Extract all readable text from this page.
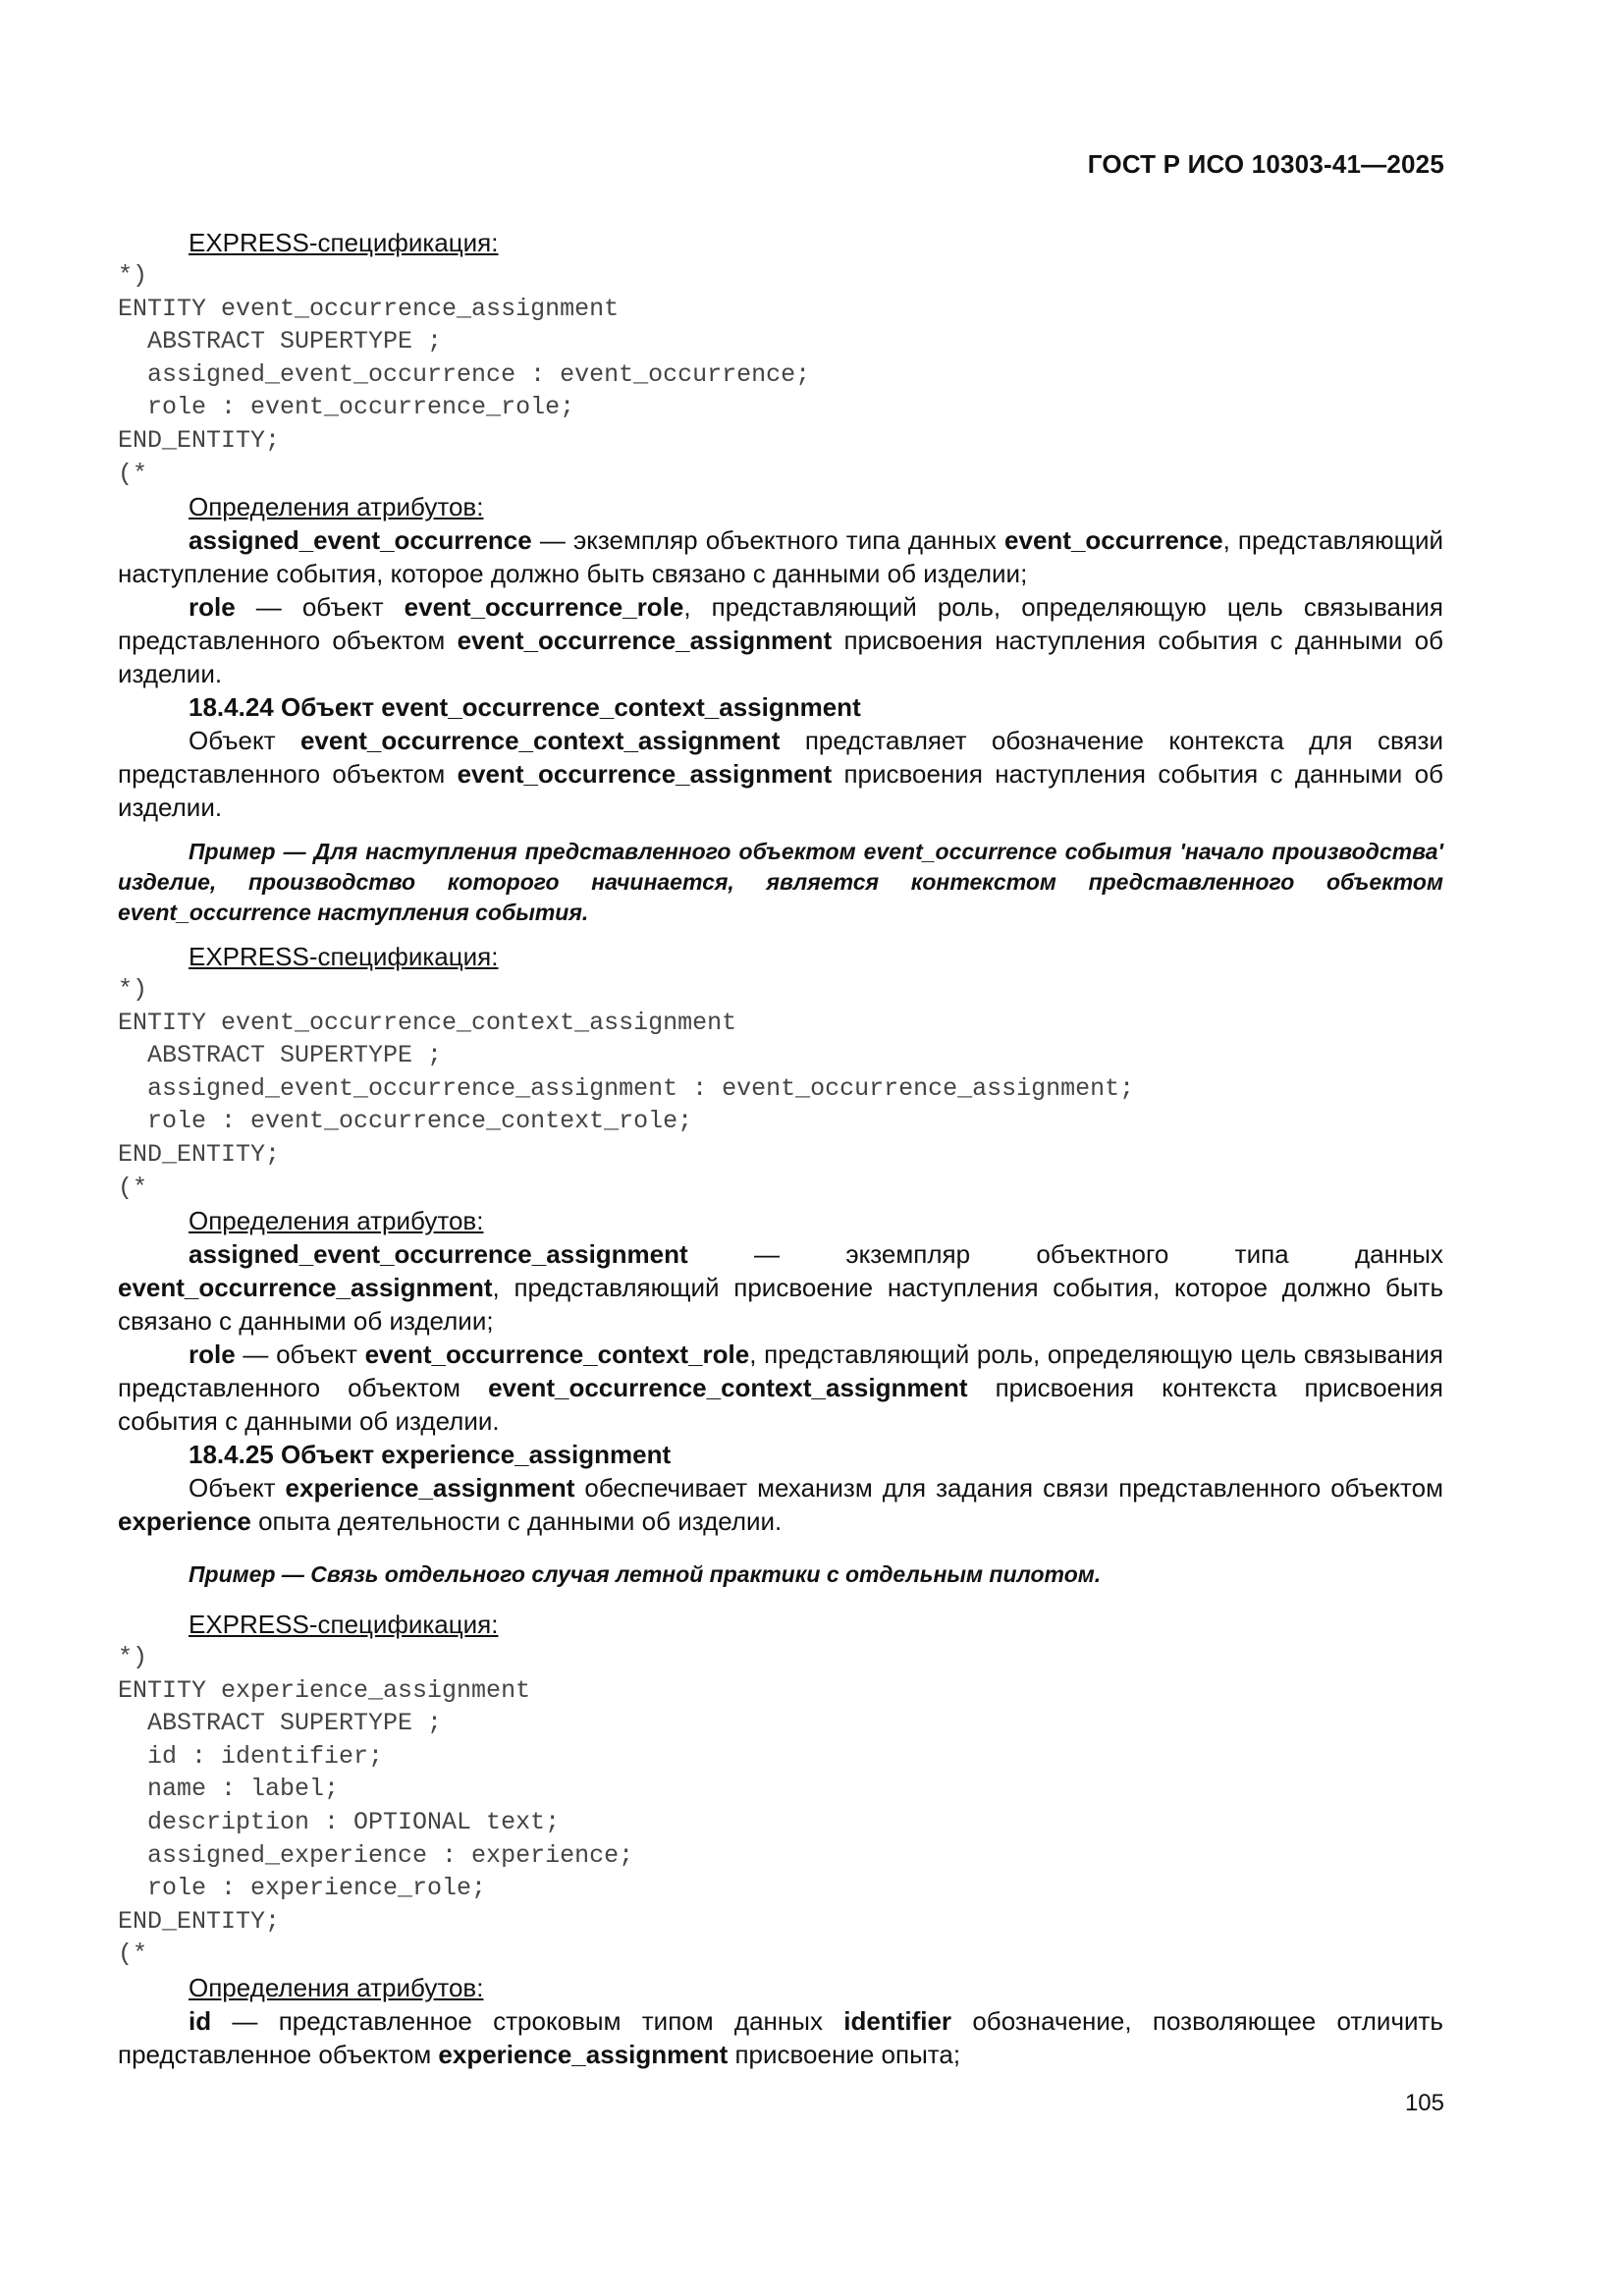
ГОСТ Р ИСО 10303-41—2025
EXPRESS-спецификация:
*)
ENTITY event_occurrence_assignment
ABSTRACT SUPERTYPE ;
assigned_event_occurrence : event_occurrence;
role : event_occurrence_role;
END_ENTITY;
(*
Определения атрибутов:
assigned_event_occurrence — экземпляр объектного типа данных event_occurrence, представляющий наступление события, которое должно быть связано с данными об изделии;
role — объект event_occurrence_role, представляющий роль, определяющую цель связывания представленного объектом event_occurrence_assignment присвоения наступления события с данными об изделии.
18.4.24 Объект event_occurrence_context_assignment
Объект event_occurrence_context_assignment представляет обозначение контекста для связи представленного объектом event_occurrence_assignment присвоения наступления события с данными об изделии.
Пример — Для наступления представленного объектом event_occurrence события 'начало производства' изделие, производство которого начинается, является контекстом представленного объектом event_occurrence наступления события.
EXPRESS-спецификация:
*)
ENTITY event_occurrence_context_assignment
ABSTRACT SUPERTYPE ;
assigned_event_occurrence_assignment : event_occurrence_assignment;
role : event_occurrence_context_role;
END_ENTITY;
(*
Определения атрибутов:
assigned_event_occurrence_assignment — экземпляр объектного типа данных event_occurrence_assignment, представляющий присвоение наступления события, которое должно быть связано с данными об изделии;
role — объект event_occurrence_context_role, представляющий роль, определяющую цель связывания представленного объектом event_occurrence_context_assignment присвоения контекста присвоения события с данными об изделии.
18.4.25 Объект experience_assignment
Объект experience_assignment обеспечивает механизм для задания связи представленного объектом experience опыта деятельности с данными об изделии.
Пример — Связь отдельного случая летной практики с отдельным пилотом.
EXPRESS-спецификация:
*)
ENTITY experience_assignment
ABSTRACT SUPERTYPE ;
id : identifier;
name : label;
description : OPTIONAL text;
assigned_experience : experience;
role : experience_role;
END_ENTITY;
(*
Определения атрибутов:
id — представленное строковым типом данных identifier обозначение, позволяющее отличить представленное объектом experience_assignment присвоение опыта;
105
